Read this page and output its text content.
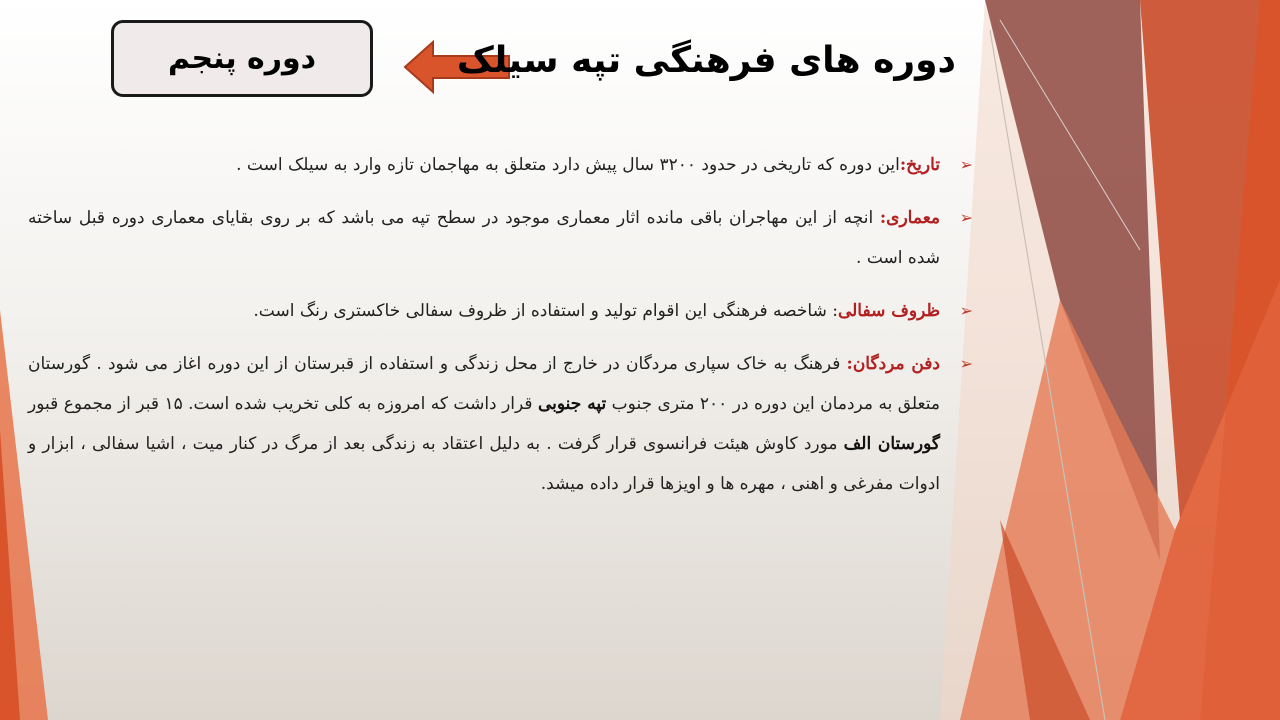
دوره پنجم	دوره های فرهنگی تپه سیلک
➢
تاریخ:این دوره که تاریخی در حدود ۳۲۰۰ سال پیش دارد متعلق به مهاجمان تازه وارد به سیلک است .
➢
معماری: انچه از این مهاجران باقی مانده اثار معماری موجود در سطح تپه می باشد که بر روی بقایای معماری دوره قبل ساخته شده است .
➢
ظروف سفالی: شاخصه فرهنگی این اقوام تولید و استفاده از ظروف سفالی خاکستری رنگ است.
➢
دفن مردگان: فرهنگ به خاک سپاری مردگان در خارج از محل زندگی و استفاده از قبرستان از این دوره اغاز می شود . گورستان متعلق به مردمان این دوره در ۲۰۰ متری جنوب تپه جنوبی قرار داشت که امروزه به کلی تخریب شده است. ۱۵ قبر از مجموع قبور گورستان الف مورد کاوش هیئت فرانسوی قرار گرفت . به دلیل اعتقاد به زندگی بعد از مرگ در کنار میت ، اشیا سفالی ، ابزار و ادوات مفرغی و اهنی ، مهره ها و اویزها قرار داده میشد.
